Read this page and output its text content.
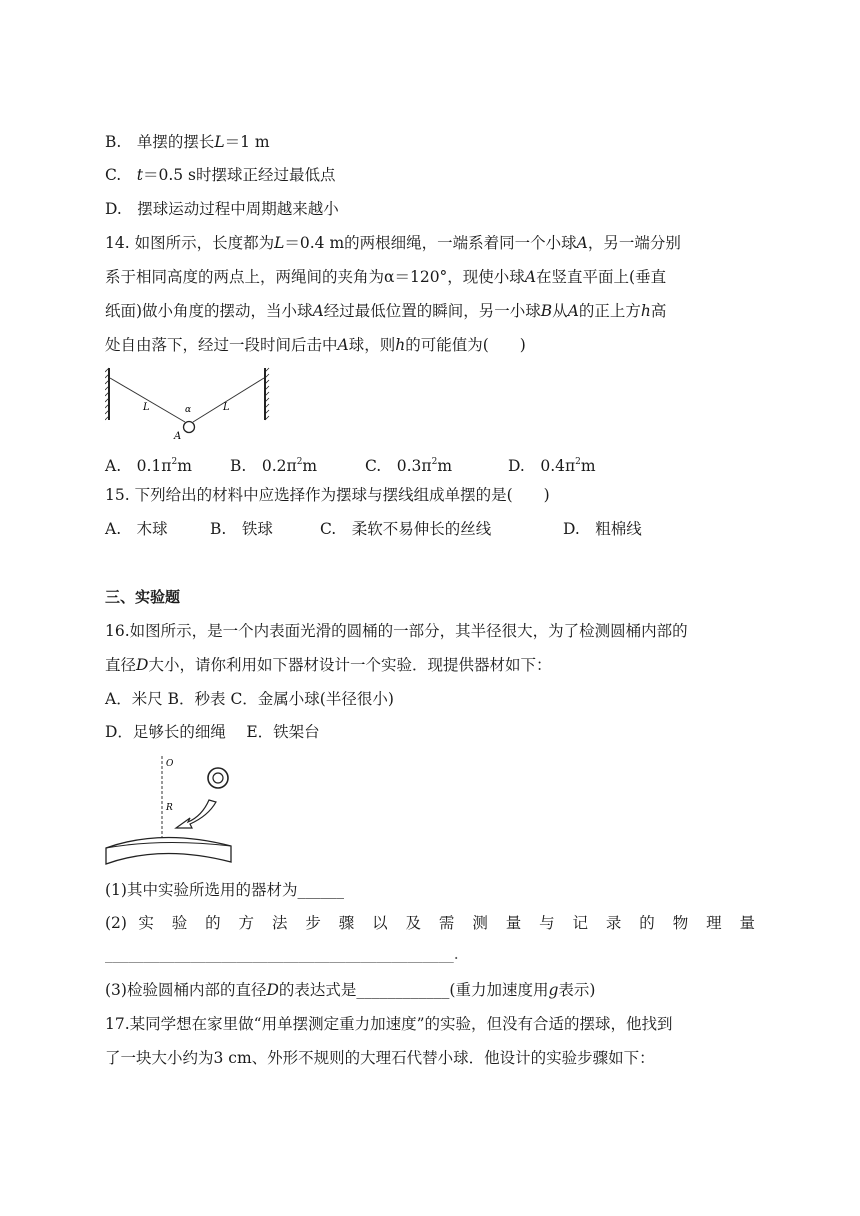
B.　单摆的摆长L＝1 m
C.　t＝0.5 s时摆球正经过最低点
D.　摆球运动过程中周期越来越小
14. 如图所示，长度都为L＝0.4 m的两根细绳，一端系着同一个小球A，另一端分别
系于相同高度的两点上，两绳间的夹角为α＝120°，现使小球A在竖直平面上(垂直
纸面)做小角度的摆动，当小球A经过最低位置的瞬间，另一小球B从A的正上方h高
处自由落下，经过一段时间后击中A球，则h的可能值为(　　)
L	α	L
A
A.　 $0.1\pi^2m$ B.　 $0.2\pi^2m$	C.　 $0.3\pi^2m$	D.　 $0.4\pi^2m$
15. 下列给出的材料中应选择作为摆球与摆线组成单摆的是(　　)
A.　木球	B.　铁球	C.　柔软不易伸长的丝线	D.　粗棉线
三、实验题
16.如图所示，是一个内表面光滑的圆桶的一部分，其半径很大，为了检测圆桶内部的
直径D大小，请你利用如下器材设计一个实验．现提供器材如下：
A．米尺 B．秒表 C．金属小球(半径很小)
D．足够长的细绳　 E．铁架台
O
R
(1)其中实验所选用的器材为______
(2) 实 验 的 方 法 步 骤 以 及 需 测 量 与 记 录 的 物 理 量
_____________________________________________.
(3)检验圆桶内部的直径D的表达式是____________(重力加速度用g表示)
17.某同学想在家里做“用单摆测定重力加速度”的实验，但没有合适的摆球，他找到
了一块大小约为3 cm、外形不规则的大理石代替小球．他设计的实验步骤如下：
